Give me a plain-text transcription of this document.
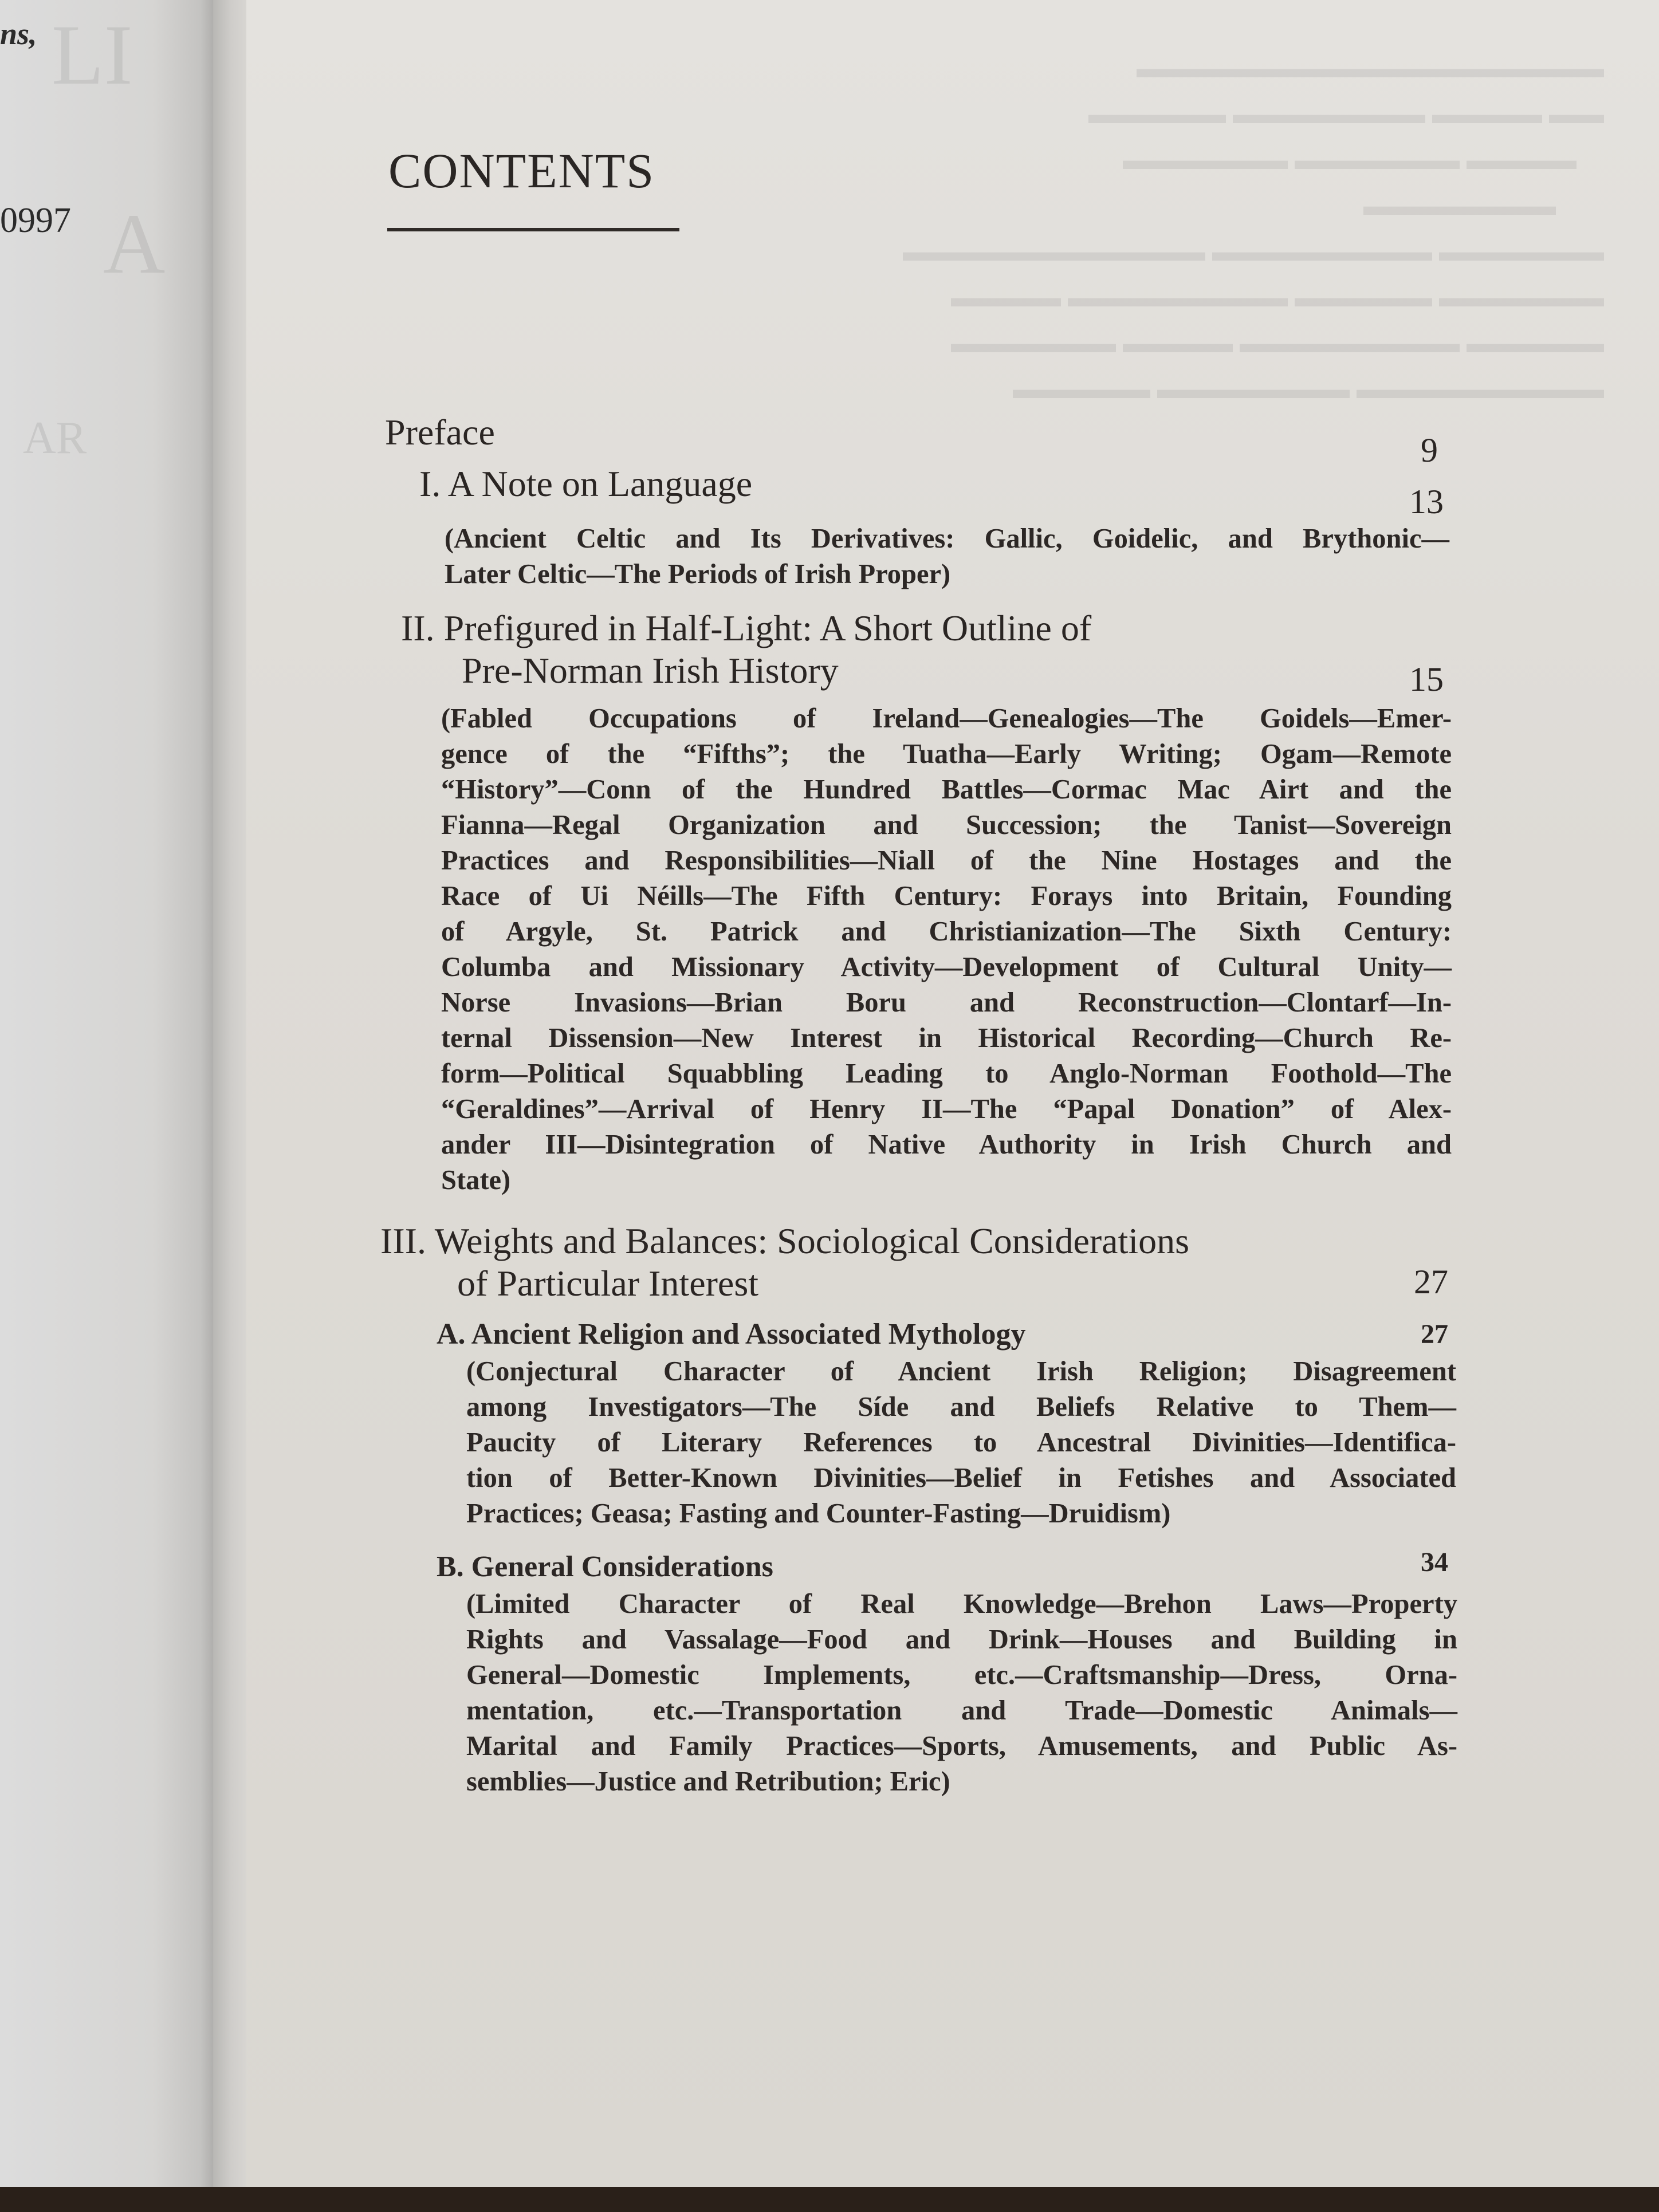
LI
A
AR
ns,
0997
▬▬▬▬▬▬▬▬▬▬▬▬▬▬▬▬▬
▬▬ ▬▬▬▬ ▬▬▬▬▬▬▬ ▬▬▬▬▬
▬▬▬▬ ▬▬▬▬▬▬ ▬▬▬▬▬▬
▬▬▬▬▬▬▬
▬▬▬▬▬▬ ▬▬▬▬▬▬▬▬ ▬▬▬▬▬▬▬▬▬▬▬
▬▬▬▬▬▬ ▬▬▬▬▬ ▬▬▬▬▬▬▬▬ ▬▬▬▬
▬▬▬▬▬ ▬▬▬▬▬▬▬▬ ▬▬▬▬ ▬▬▬▬▬▬
▬▬▬▬▬▬▬▬▬ ▬▬▬▬▬▬▬ ▬▬▬▬▬
CONTENTS
Preface	9
I. A Note on Language	13
(Ancient Celtic and Its Derivatives: Gallic, Goidelic, and Brythonic—
Later Celtic—The Periods of Irish Proper)
II. Prefigured in Half-Light: A Short Outline of
Pre-Norman Irish History	15
(Fabled Occupations of Ireland—Genealogies—The Goidels—Emer-
gence of the “Fifths”; the Tuatha—Early Writing; Ogam—Remote
“History”—Conn of the Hundred Battles—Cormac Mac Airt and the
Fianna—Regal Organization and Succession; the Tanist—Sovereign
Practices and Responsibilities—Niall of the Nine Hostages and the
Race of Ui Néills—The Fifth Century: Forays into Britain, Founding
of Argyle, St. Patrick and Christianization—The Sixth Century:
Columba and Missionary Activity—Development of Cultural Unity—
Norse Invasions—Brian Boru and Reconstruction—Clontarf—In-
ternal Dissension—New Interest in Historical Recording—Church Re-
form—Political Squabbling Leading to Anglo-Norman Foothold—The
“Geraldines”—Arrival of Henry II—The “Papal Donation” of Alex-
ander III—Disintegration of Native Authority in Irish Church and
State)
III. Weights and Balances: Sociological Considerations
of Particular Interest	27
A. Ancient Religion and Associated Mythology	27
(Conjectural Character of Ancient Irish Religion; Disagreement
among Investigators—The Síde and Beliefs Relative to Them—
Paucity of Literary References to Ancestral Divinities—Identifica-
tion of Better-Known Divinities—Belief in Fetishes and Associated
Practices; Geasa; Fasting and Counter-Fasting—Druidism)
B. General Considerations	34
(Limited Character of Real Knowledge—Brehon Laws—Property
Rights and Vassalage—Food and Drink—Houses and Building in
General—Domestic Implements, etc.—Craftsmanship—Dress, Orna-
mentation, etc.—Transportation and Trade—Domestic Animals—
Marital and Family Practices—Sports, Amusements, and Public As-
semblies—Justice and Retribution; Eric)
